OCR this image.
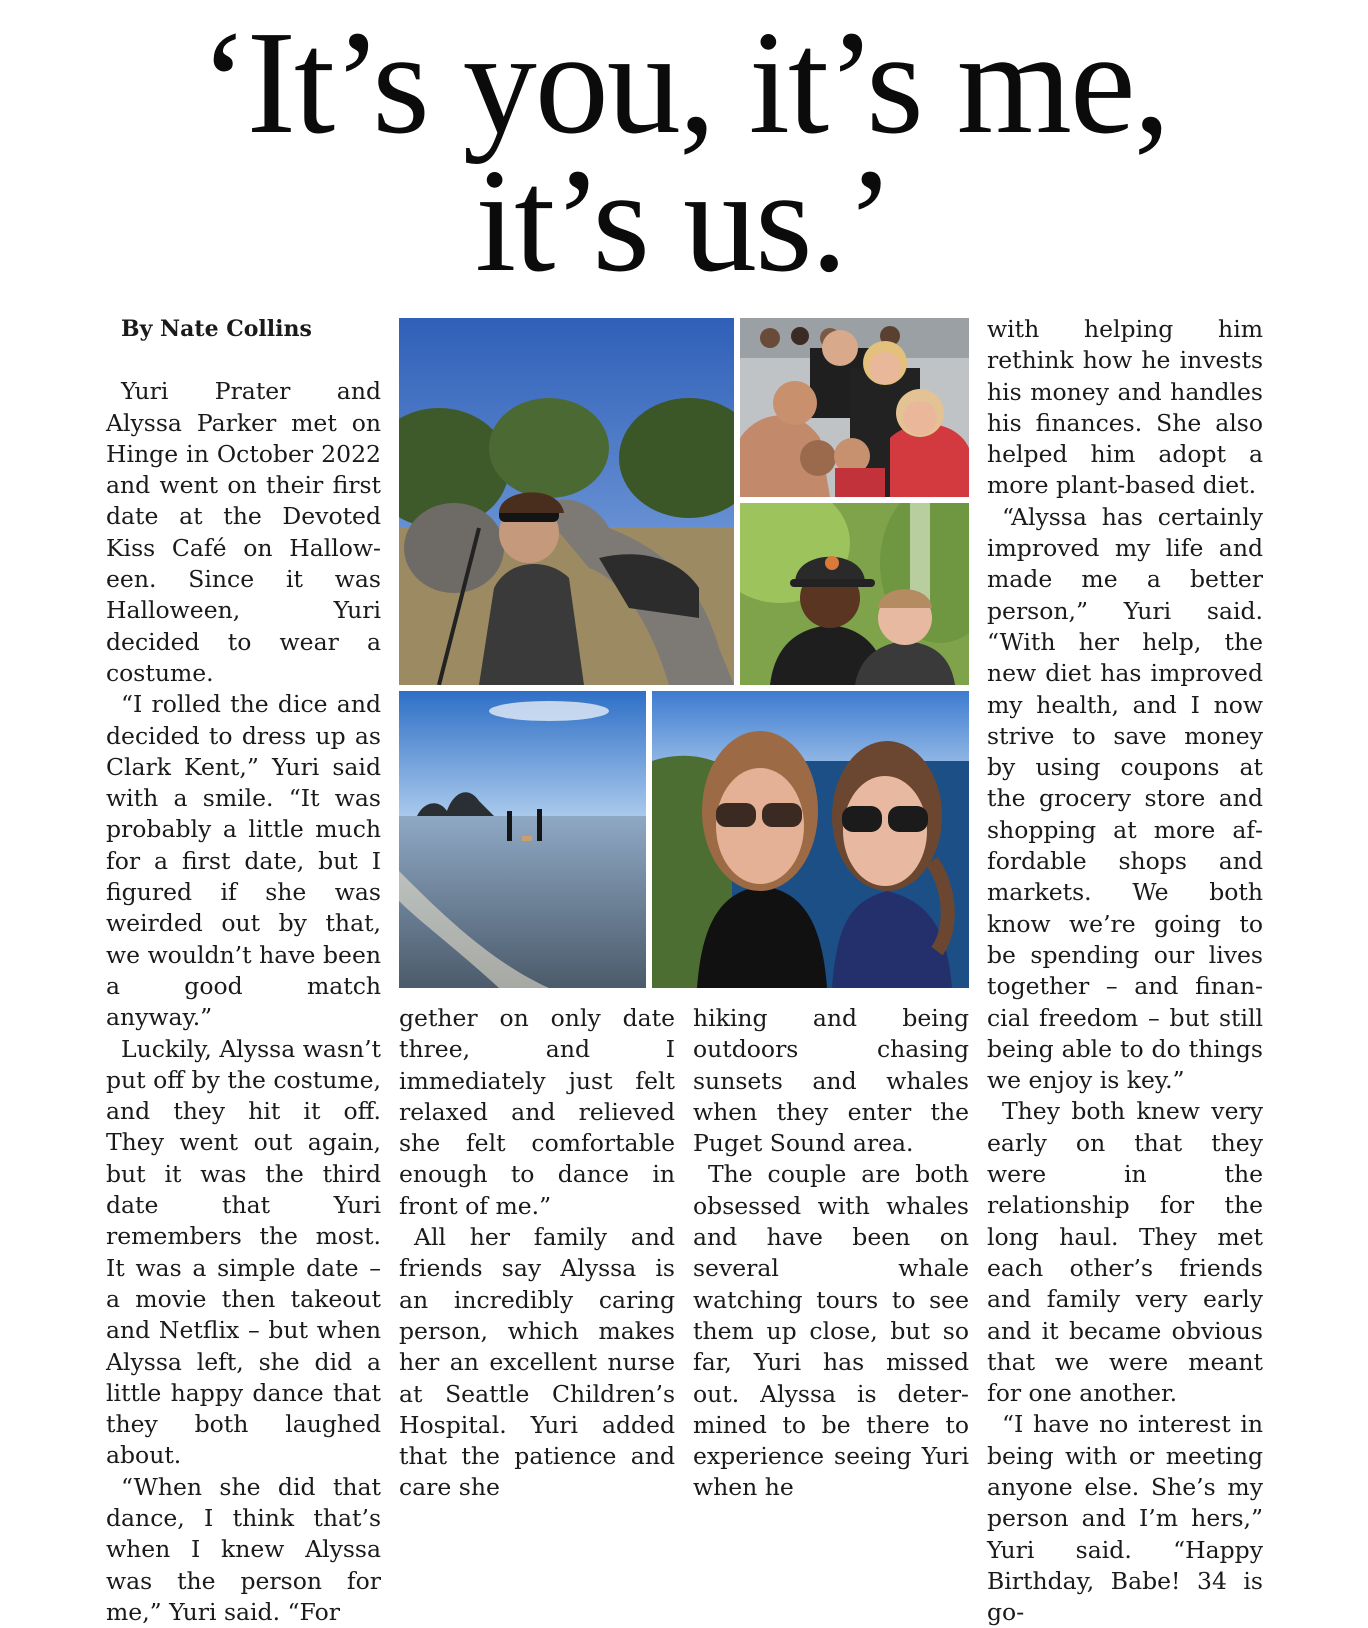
‘It’s you, it’s me,
it’s us.’

By Nate Collins

Yuri Prater and Alyssa Parker met on Hinge in October 2022 and went on their first date at the Devoted Kiss Café on Halloween. Since it was Halloween, Yuri decided to wear a costume.

“I rolled the dice and decided to dress up as Clark Kent,” Yuri said with a smile. “It was probably a little much for a first date, but I figured if she was weirded out by that, we wouldn’t have been a good match anyway.”

Luckily, Alyssa wasn’t put off by the costume, and they hit it off. They went out again, but it was the third date that Yuri remembers the most. It was a simple date – a movie then takeout and Netflix – but when Alyssa left, she did a little happy dance that they both laughed about.

“When she did that dance, I think that’s when I knew Alyssa was the person for me,” Yuri said. “For

gether on only date three, and I immediately just felt relaxed and relieved she felt comfortable enough to dance in front of me.”

All her family and friends say Alyssa is an incredibly caring person, which makes her an excellent nurse at Seattle Children’s Hospital. Yuri added that the patience and care she

hiking and being outdoors chasing sunsets and whales when they enter the Puget Sound area.

The couple are both obsessed with whales and have been on several whale watching tours to see them up close, but so far, Yuri has missed out. Alyssa is determined to be there to experience seeing Yuri when he

with helping him rethink how he invests his money and handles his finances. She also helped him adopt a more plant-based diet.

“Alyssa has certainly improved my life and made me a better person,” Yuri said. “With her help, the new diet has improved my health, and I now strive to save money by using coupons at the grocery store and shopping at more affordable shops and markets. We both know we’re going to be spending our lives together – and financial freedom – but still being able to do things we enjoy is key.”

They both knew very early on that they were in the relationship for the long haul. They met each other’s friends and family very early and it became obvious that we were meant for one another.

“I have no interest in being with or meeting anyone else. She’s my person and I’m hers,” Yuri said. “Happy Birthday, Babe! 34 is go-
